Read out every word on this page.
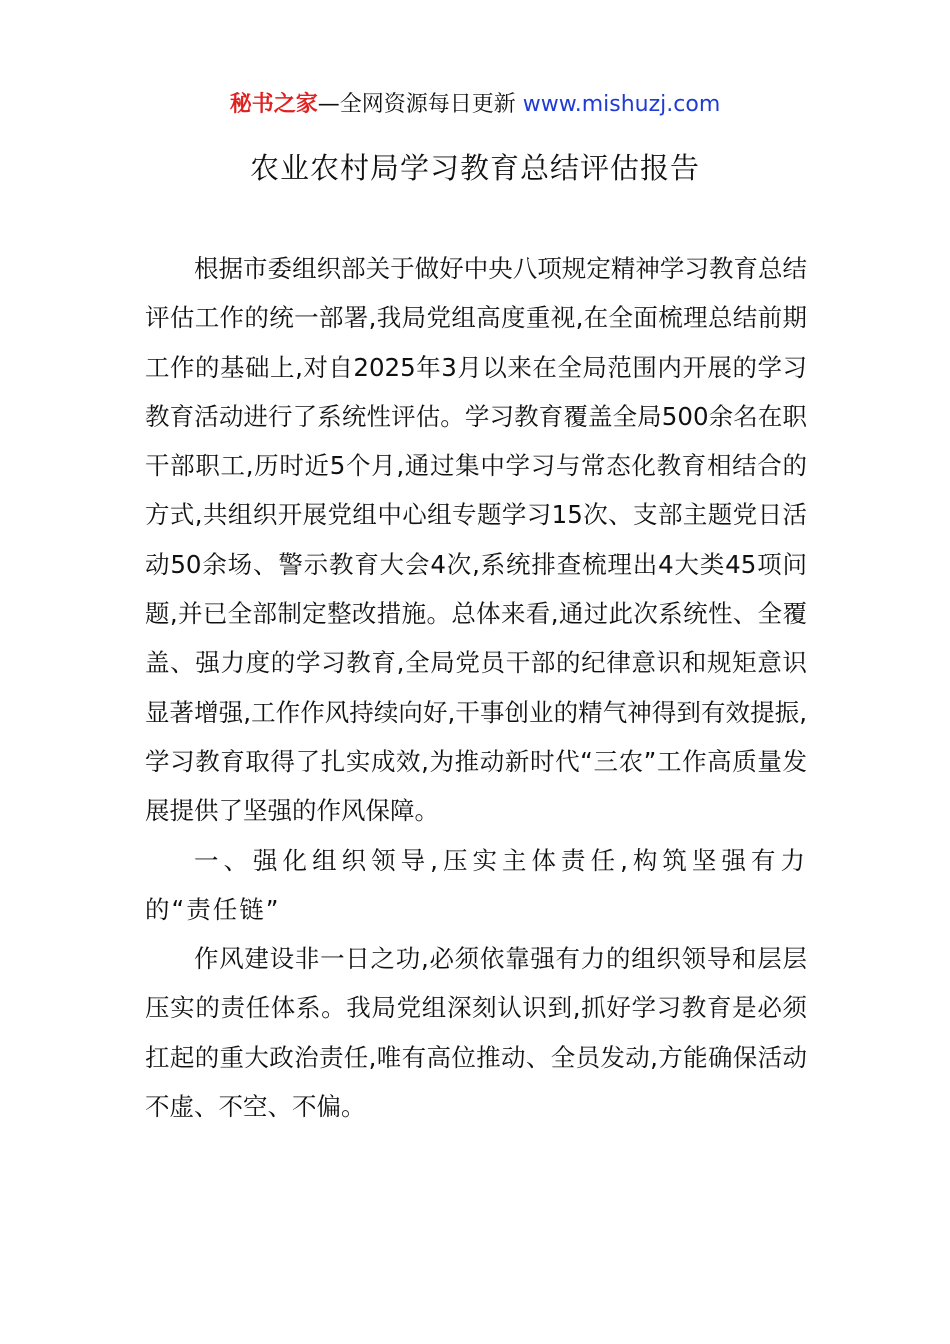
秘书之家—全网资源每日更新 www.mishuzj.com
农业农村局学习教育总结评估报告

根据市委组织部关于做好中央八项规定精神学习教育总结评估工作的统一部署,我局党组高度重视,在全面梳理总结前期工作的基础上,对自2025年3月以来在全局范围内开展的学习教育活动进行了系统性评估。学习教育覆盖全局500余名在职干部职工,历时近5个月,通过集中学习与常态化教育相结合的方式,共组织开展党组中心组专题学习15次、支部主题党日活动50余场、警示教育大会4次,系统排查梳理出4大类45项问题,并已全部制定整改措施。总体来看,通过此次系统性、全覆盖、强力度的学习教育,全局党员干部的纪律意识和规矩意识显著增强,工作作风持续向好,干事创业的精气神得到有效提振,学习教育取得了扎实成效,为推动新时代“三农”工作高质量发展提供了坚强的作风保障。

一、强化组织领导,压实主体责任,构筑坚强有力的“责任链”

作风建设非一日之功,必须依靠强有力的组织领导和层层压实的责任体系。我局党组深刻认识到,抓好学习教育是必须扛起的重大政治责任,唯有高位推动、全员发动,方能确保活动不虚、不空、不偏。
